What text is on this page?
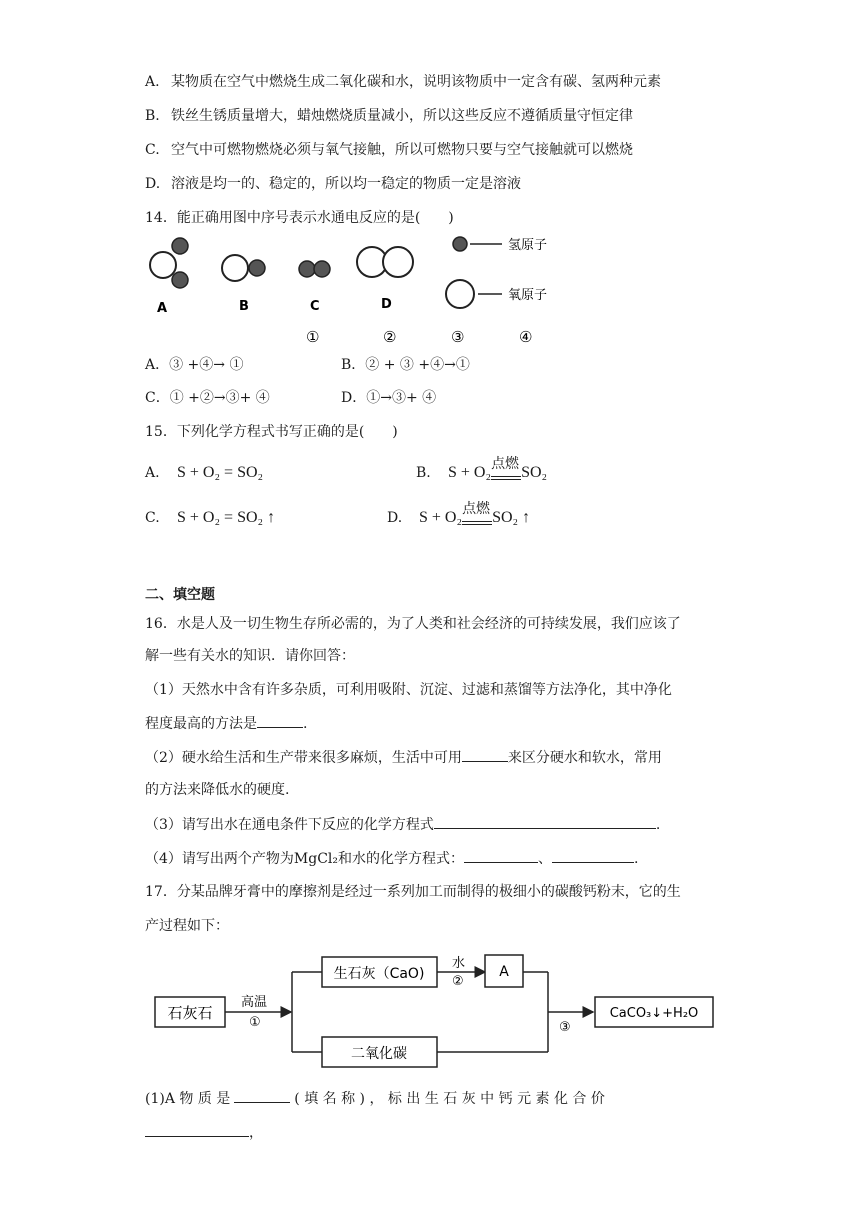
A. 某物质在空气中燃烧生成二氧化碳和水，说明该物质中一定含有碳、氢两种元素
B. 铁丝生锈质量增大，蜡烛燃烧质量减小，所以这些反应不遵循质量守恒定律
C. 空气中可燃物燃烧必须与氧气接触，所以可燃物只要与空气接触就可以燃烧
D. 溶液是均一的、稳定的，所以均一稳定的物质一定是溶液
14．能正确用图中序号表示水通电反应的是(　　)
氢原子
氧原子
A	B	C	D
①	②	③	④
A．③ +④→ ①	B．② + ③ +④→①
C．① +②→③+ ④	D．①→③+ ④
15．下列化学方程式书写正确的是(　　)
A. S + O₂ = SO₂	B. S + O₂ 点燃 SO₂
C. S + O₂ = SO₂ ↑	D. S + O₂ 点燃 SO₂ ↑
二、填空题
16．水是人及一切生物生存所必需的，为了人类和社会经济的可持续发展，我们应该了
解一些有关水的知识．请你回答：
（1）天然水中含有许多杂质，可利用吸附、沉淀、过滤和蒸馏等方法净化，其中净化
程度最高的方法是	.
（2）硬水给生活和生产带来很多麻烦，生活中可用	来区分硬水和软水，常用
的方法来降低水的硬度.
（3）请写出水在通电条件下反应的化学方程式	.
（4）请写出两个产物为MgCl₂和水的化学方程式：	、	.
17．分某品牌牙膏中的摩擦剂是经过一系列加工而制得的极细小的碳酸钙粉末，它的生
产过程如下：
石灰石
高温
①
生石灰（CaO)
水
②
A
二氧化碳
③
CaCO₃↓+H₂O
(1)A 物 质 是	( 填 名 称 ) ， 标 出 生 石 灰 中 钙 元 素 化 合 价
，
